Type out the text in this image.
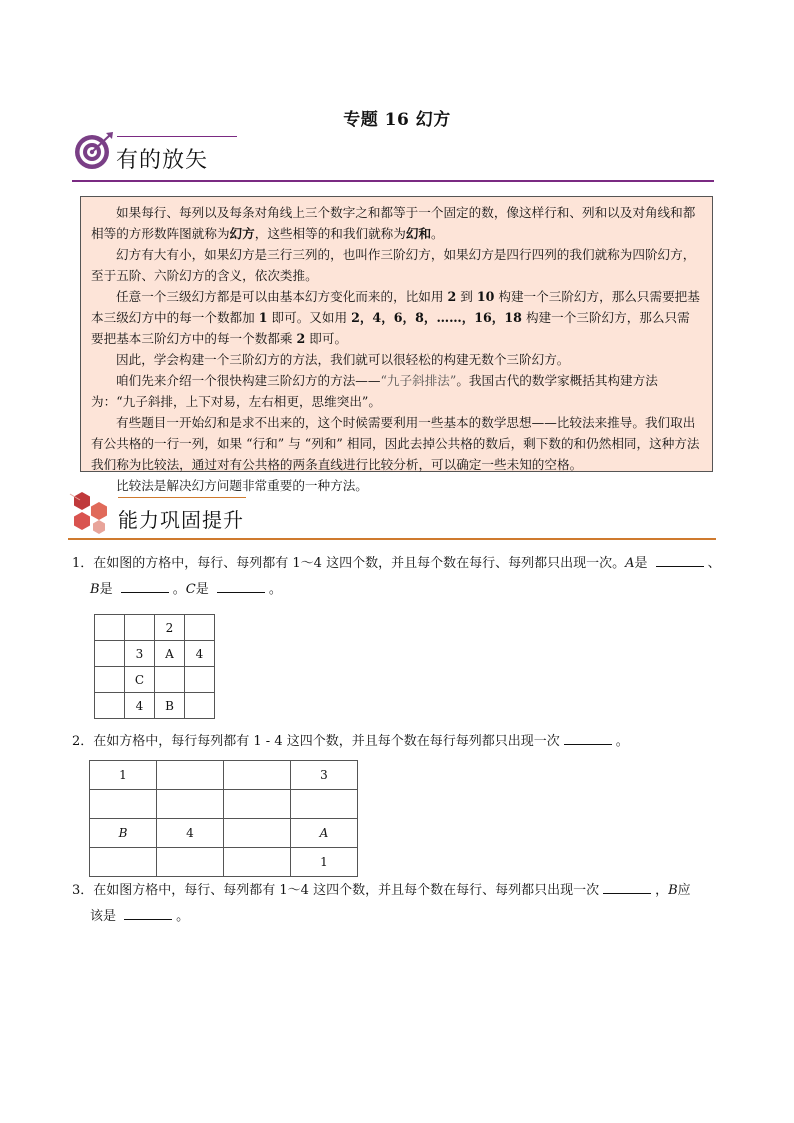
专题 16 幻方
有的放矢

如果每行、每列以及每条对角线上三个数字之和都等于一个固定的数，像这样行和、列和以及对角线和都相等的方形数阵图就称为幻方，这些相等的和我们就称为幻和。

幻方有大有小，如果幻方是三行三列的，也叫作三阶幻方，如果幻方是四行四列的我们就称为四阶幻方，至于五阶、六阶幻方的含义，依次类推。

任意一个三级幻方都是可以由基本幻方变化而来的，比如用 2 到 10 构建一个三阶幻方，那么只需要把基本三级幻方中的每一个数都加 1 即可。又如用 2，4，6，8，……，16，18 构建一个三阶幻方，那么只需要把基本三阶幻方中的每一个数都乘 2 即可。

因此，学会构建一个三阶幻方的方法，我们就可以很轻松的构建无数个三阶幻方。

咱们先来介绍一个很快构建三阶幻方的方法——“九子斜排法”。我国古代的数学家概括其构建方法为：“九子斜排，上下对易，左右相更，思维突出”。

有些题目一开始幻和是求不出来的，这个时候需要利用一些基本的数学思想——比较法来推导。我们取出有公共格的一行一列，如果 “行和” 与 “列和” 相同，因此去掉公共格的数后，剩下数的和仍然相同，这种方法我们称为比较法，通过对有公共格的两条直线进行比较分析，可以确定一些未知的空格。

比较法是解决幻方问题非常重要的一种方法。

能力巩固提升
1．在如图的方格中，每行、每列都有 1～4 这四个数，并且每个数在每行、每列都只出现一次。A是	、
B是	。C是	。
		2	
	3	A	4
	C		
	4	B	
2．在如方格中，每行每列都有 1 - 4 这四个数，并且每个数在每行每列都只出现一次	。
1			3

B	4		A
			1
3．在如图方格中，每行、每列都有 1～4 这四个数，并且每个数在每行、每列都只出现一次	，B应
该是	。
